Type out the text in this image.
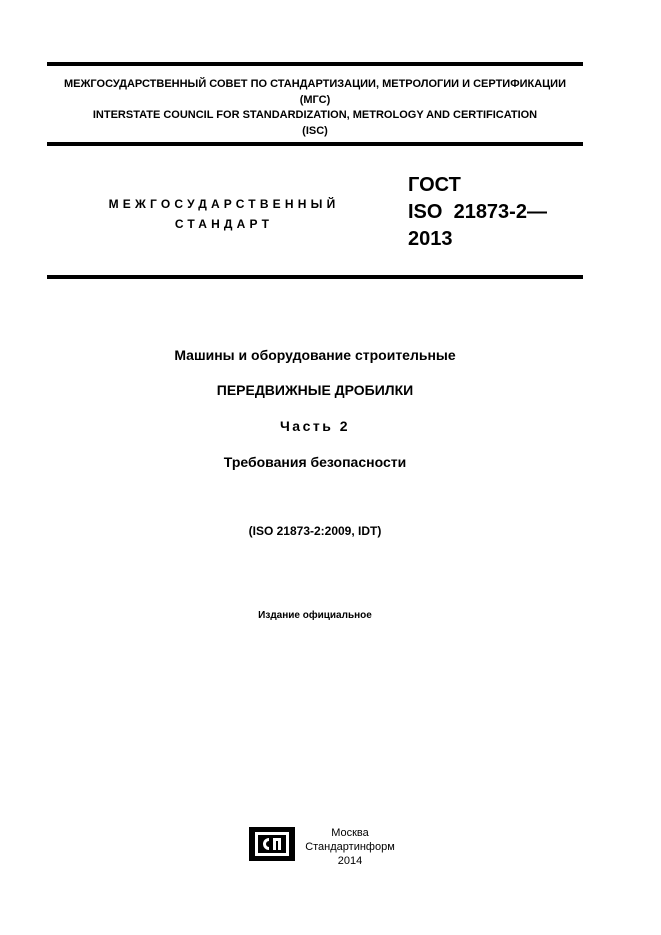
МЕЖГОСУДАРСТВЕННЫЙ СОВЕТ ПО СТАНДАРТИЗАЦИИ, МЕТРОЛОГИИ И СЕРТИФИКАЦИИ
(МГС)
INTERSTATE COUNCIL FOR STANDARDIZATION, METROLOGY AND CERTIFICATION
(ISC)
МЕЖГОСУДАРСТВЕННЫЙ
СТАНДАРТ
ГОСТ
ISO  21873-2—
2013
Машины и оборудование строительные
ПЕРЕДВИЖНЫЕ ДРОБИЛКИ
Часть 2
Требования безопасности
(ISO 21873-2:2009, IDT)
Издание официальное
Москва
Стандартинформ
2014
